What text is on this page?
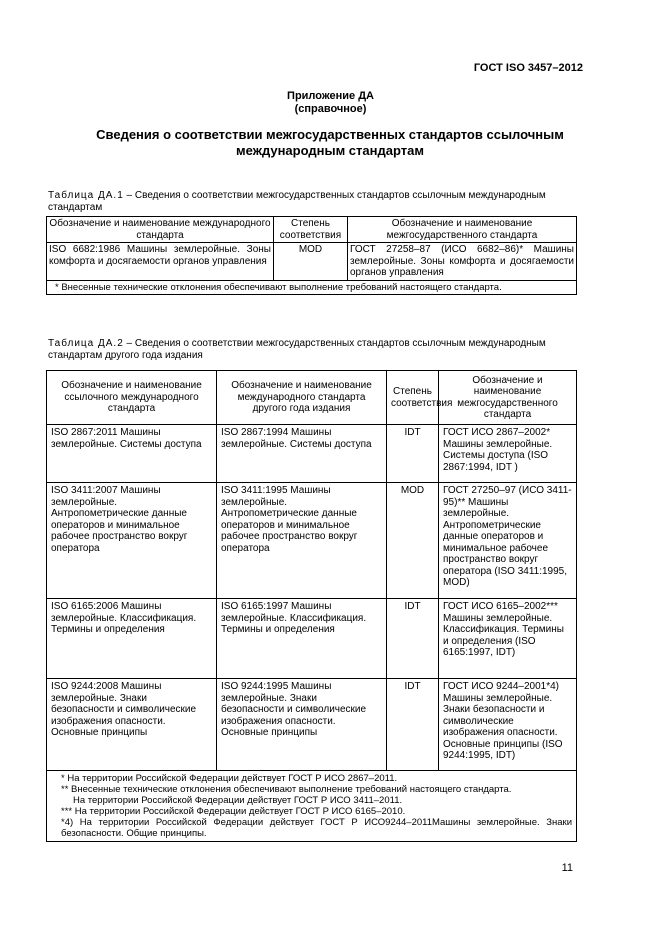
ГОСТ ISO 3457–2012
Приложение ДА
(справочное)
Сведения о соответствии межгосударственных стандартов ссылочным
международным стандартам
Таблица ДА.1 – Сведения о соответствии межгосударственных стандартов ссылочным международным стандартам
Обозначение и наименование международного стандарта	Степень соответствия	Обозначение и наименование межгосударственного стандарта
ISO 6682:1986 Машины землеройные. Зоны комфорта и досягаемости органов управления	MOD	ГОСТ 27258–87 (ИСО 6682–86)* Машины землеройные. Зоны комфорта и досягаемости органов управления
* Внесенные технические отклонения обеспечивают выполнение требований настоящего стандарта.		
Таблица ДА.2 – Сведения о соответствии межгосударственных стандартов ссылочным международным стандартам другого года издания
Обозначение и наименование ссылочного международного стандарта	Обозначение и наименование международного стандарта другого года издания	Степень соответствия	Обозначение и наименование межгосударственного стандарта
ISO 2867:2011 Машины землеройные. Системы доступа	ISO 2867:1994 Машины землеройные. Системы доступа	IDT	ГОСТ ИСО 2867–2002* Машины землеройные. Системы доступа (ISO 2867:1994, IDT )
ISO 3411:2007 Машины землеройные. Антропометрические данные операторов и минимальное рабочее пространство вокруг оператора	ISO 3411:1995 Машины землеройные. Антропометрические данные операторов и минимальное рабочее пространство вокруг оператора	MOD	ГОСТ 27250–97 (ИСО 3411-95)** Машины землеройные. Антропометрические данные операторов и минимальное рабочее пространство вокруг оператора (ISO 3411:1995, MOD)
ISO 6165:2006 Машины землеройные. Классификация. Термины и определения	ISO 6165:1997 Машины землеройные. Классификация. Термины и определения	IDT	ГОСТ ИСО 6165–2002*** Машины землеройные. Классификация. Термины и определения (ISO 6165:1997, IDT)
ISO 9244:2008 Машины землеройные. Знаки безопасности и символические изображения опасности. Основные принципы	ISO 9244:1995 Машины землеройные. Знаки безопасности и символические изображения опасности. Основные принципы	IDT	ГОСТ ИСО 9244–2001*4) Машины землеройные. Знаки безопасности и символические изображения опасности. Основные принципы (ISO 9244:1995, IDT)

* На территории Российской Федерации действует ГОСТ Р ИСО 2867–2011.
** Внесенные технические отклонения обеспечивают выполнение требований настоящего стандарта.
На территории Российской Федерации действует ГОСТ Р ИСО 3411–2011.
*** На территории Российской Федерации действует ГОСТ Р ИСО 6165–2010.
*4) На территории Российской Федерации действует ГОСТ Р ИСО9244–2011Машины землеройные. Знаки безопасности. Общие принципы.			
11
